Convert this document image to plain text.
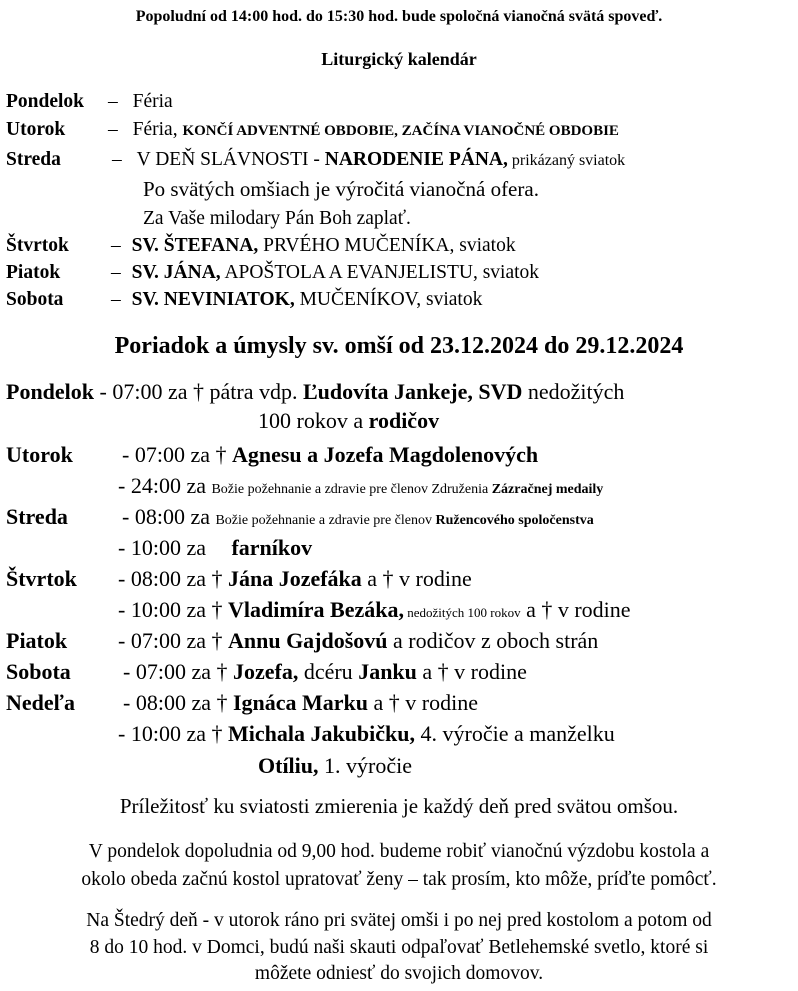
Popoludní od 14:00 hod. do 15:30 hod. bude spoločná vianočná svätá spoveď.
Liturgický kalendár
Pondelok – Féria
Utorok – Féria, KONČÍ ADVENTNÉ OBDOBIE, ZAČÍNA VIANOČNÉ OBDOBIE
Streda	– V DEŇ SLÁVNOSTI - NARODENIE PÁNA, prikázaný sviatok
Po svätých omšiach je výročitá vianočná ofera.
Za Vaše milodary Pán Boh zaplať.
Štvrtok – SV. ŠTEFANA, PRVÉHO MUČENÍKA, sviatok
Piatok	– SV. JÁNA, APOŠTOLA A EVANJELISTU, sviatok
Sobota – SV. NEVINIATOK, MUČENÍKOV, sviatok
Poriadok a úmysly sv. omší od 23.12.2024 do 29.12.2024
Pondelok - 07:00 za † pátra vdp. Ľudovíta Jankeje, SVD nedožitých
100 rokov a rodičov
Utorok - 07:00 za † Agnesu a Jozefa Magdolenových
- 24:00 za Božie požehnanie a zdravie pre členov Združenia Zázračnej medaily
Streda - 08:00 za Božie požehnanie a zdravie pre členov Ružencového spoločenstva
- 10:00 za farníkov
Štvrtok - 08:00 za † Jána Jozefáka a † v rodine
- 10:00 za † Vladimíra Bezáka, nedožitých 100 rokov a † v rodine
Piatok - 07:00 za † Annu Gajdošovú a rodičov z oboch strán
Sobota - 07:00 za † Jozefa, dcéru Janku a † v rodine
Nedeľa - 08:00 za † Ignáca Marku a † v rodine
- 10:00 za † Michala Jakubičku, 4. výročie a manželku
Otíliu, 1. výročie
Príležitosť ku sviatosti zmierenia je každý deň pred svätou omšou.
V pondelok dopoludnia od 9,00 hod. budeme robiť vianočnú výzdobu kostola a
okolo obeda začnú kostol upratovať ženy – tak prosím, kto môže, príďte pomôcť.
Na Štedrý deň - v utorok ráno pri svätej omši i po nej pred kostolom a potom od
8 do 10 hod. v Domci, budú naši skauti odpaľovať Betlehemské svetlo, ktoré si
môžete odniesť do svojich domovov.
